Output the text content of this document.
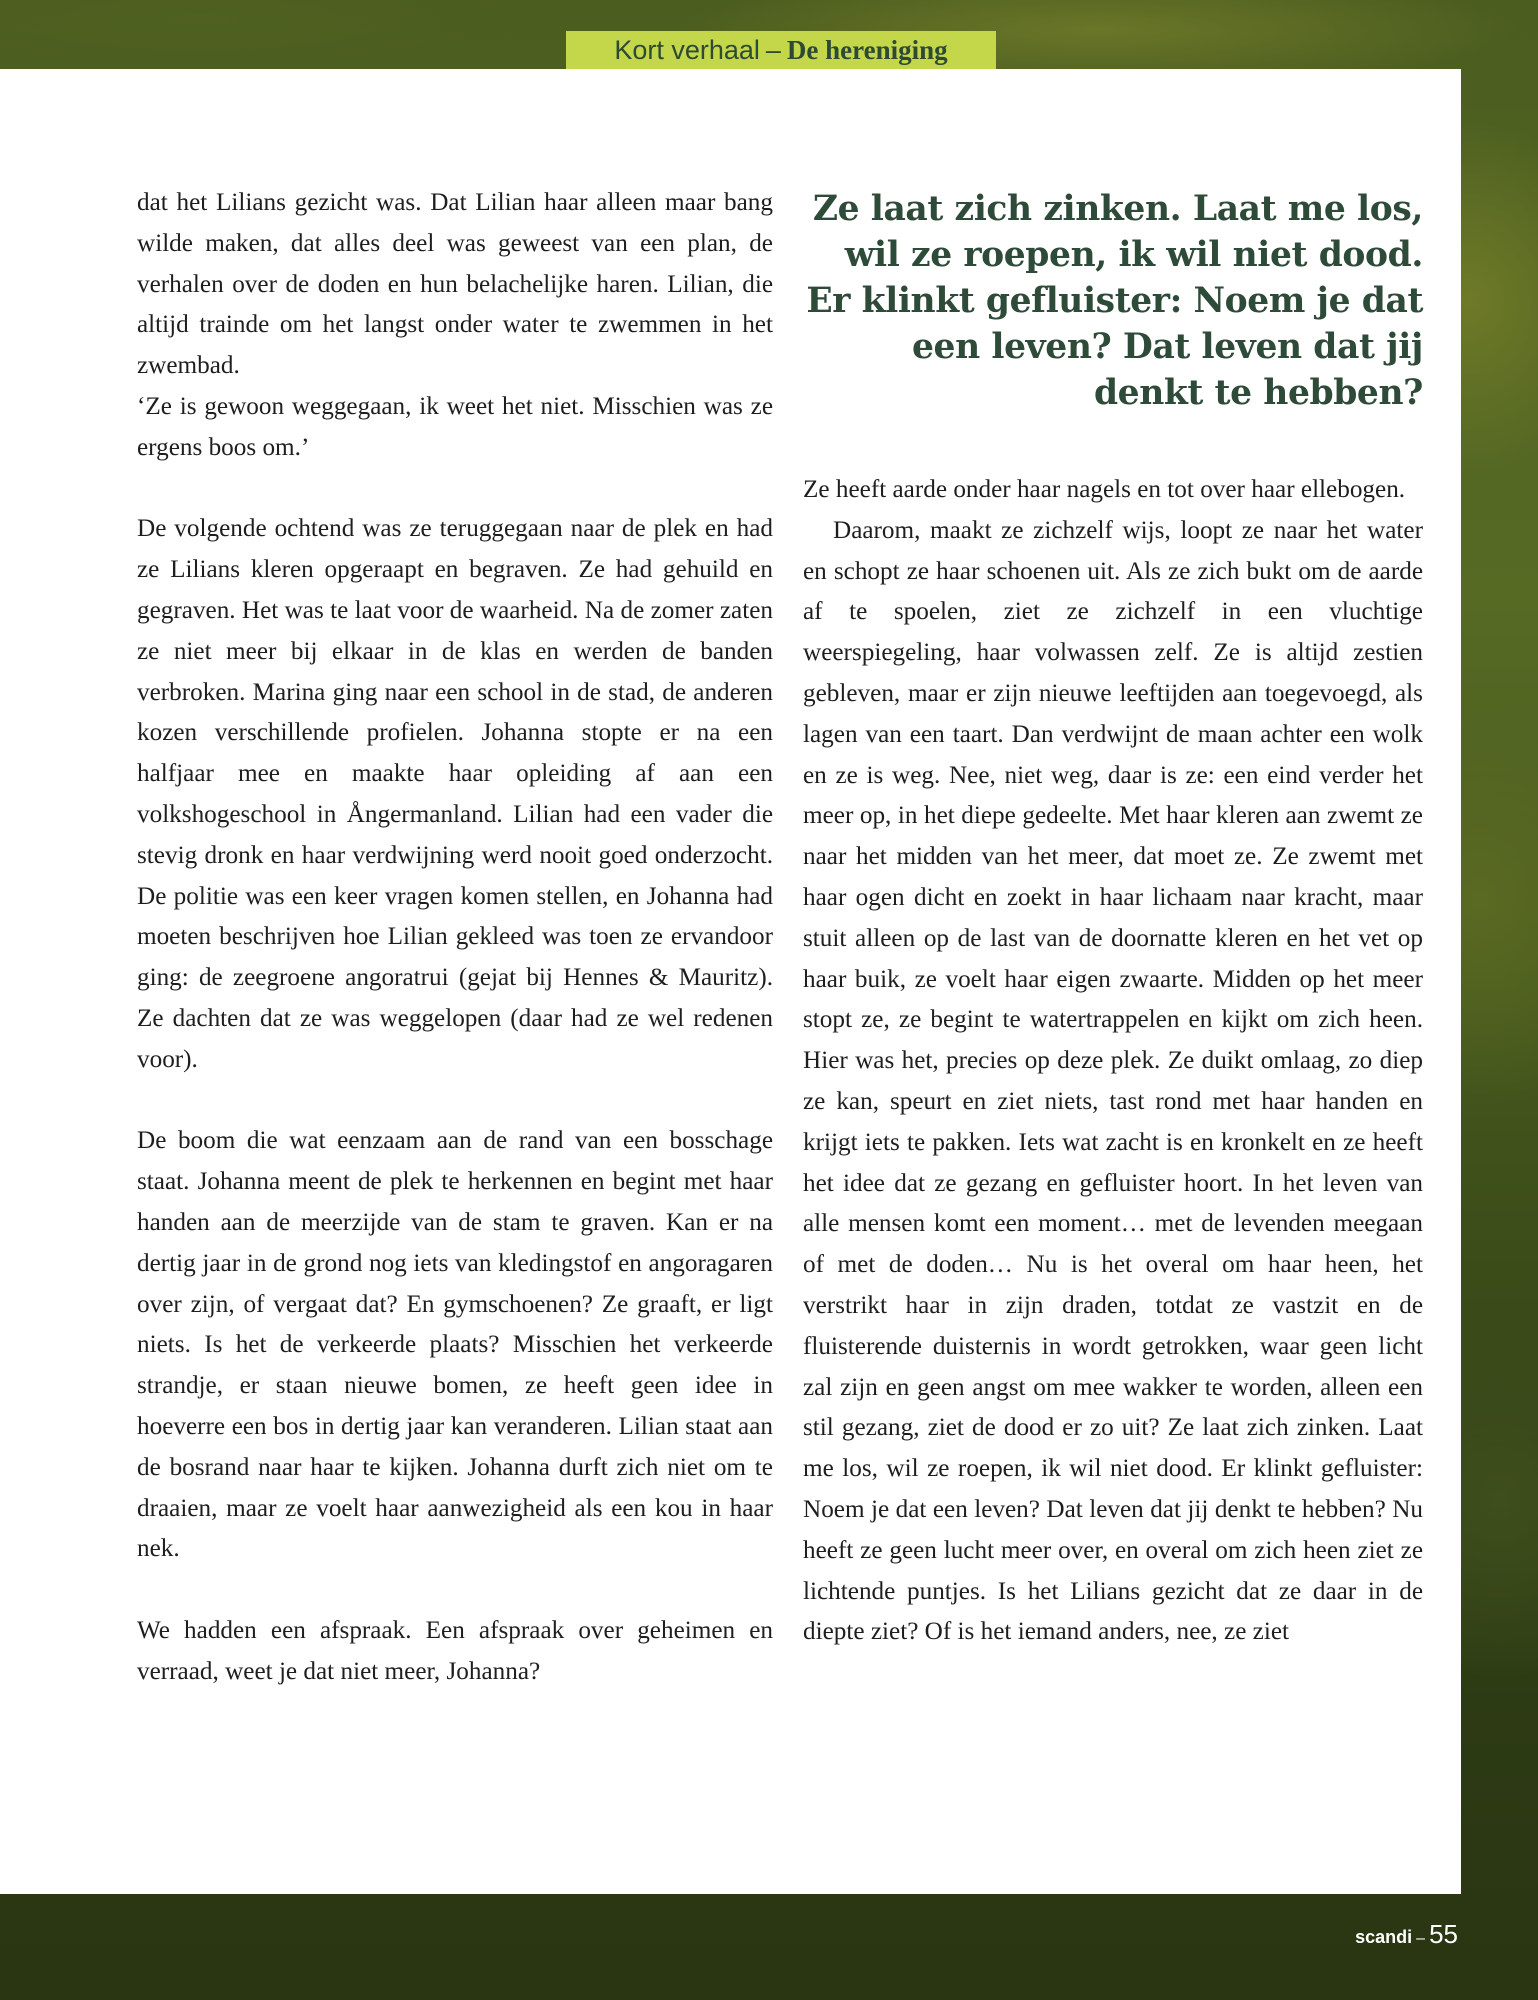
Kort verhaal – De hereniging

dat het Lilians gezicht was. Dat Lilian haar alleen maar bang wilde maken, dat alles deel was geweest van een plan, de verhalen over de doden en hun belachelijke haren. Lilian, die altijd trainde om het langst onder water te zwemmen in het zwembad.

‘Ze is gewoon weggegaan, ik weet het niet. Misschien was ze ergens boos om.’

De volgende ochtend was ze teruggegaan naar de plek en had ze Lilians kleren opgeraapt en begraven. Ze had gehuild en gegraven. Het was te laat voor de waarheid. Na de zomer zaten ze niet meer bij elkaar in de klas en werden de banden verbroken. Marina ging naar een school in de stad, de anderen kozen verschillende profielen. Johanna stopte er na een halfjaar mee en maakte haar opleiding af aan een volkshogeschool in Ångermanland. Lilian had een vader die stevig dronk en haar verdwijning werd nooit goed onderzocht. De politie was een keer vragen komen stellen, en Johanna had moeten beschrijven hoe Lilian gekleed was toen ze ervandoor ging: de zeegroene angoratrui (gejat bij Hennes & Mauritz). Ze dachten dat ze was weggelopen (daar had ze wel redenen voor).

De boom die wat eenzaam aan de rand van een bosschage staat. Johanna meent de plek te herkennen en begint met haar handen aan de meerzijde van de stam te graven. Kan er na dertig jaar in de grond nog iets van kledingstof en angoragaren over zijn, of vergaat dat? En gymschoenen? Ze graaft, er ligt niets. Is het de verkeerde plaats? Misschien het verkeerde strandje, er staan nieuwe bomen, ze heeft geen idee in hoeverre een bos in dertig jaar kan veranderen. Lilian staat aan de bosrand naar haar te kijken. Johanna durft zich niet om te draaien, maar ze voelt haar aanwezigheid als een kou in haar nek.

We hadden een afspraak. Een afspraak over geheimen en verraad, weet je dat niet meer, Johanna?

Ze laat zich zinken. Laat me los, wil ze roepen, ik wil niet dood. Er klinkt gefluister: Noem je dat een leven? Dat leven dat jij denkt te hebben?

Ze heeft aarde onder haar nagels en tot over haar ellebogen.

Daarom, maakt ze zichzelf wijs, loopt ze naar het water en schopt ze haar schoenen uit. Als ze zich bukt om de aarde af te spoelen, ziet ze zichzelf in een vluchtige weerspiegeling, haar volwassen zelf. Ze is altijd zestien gebleven, maar er zijn nieuwe leeftijden aan toegevoegd, als lagen van een taart. Dan verdwijnt de maan achter een wolk en ze is weg. Nee, niet weg, daar is ze: een eind verder het meer op, in het diepe gedeelte. Met haar kleren aan zwemt ze naar het midden van het meer, dat moet ze. Ze zwemt met haar ogen dicht en zoekt in haar lichaam naar kracht, maar stuit alleen op de last van de doornatte kleren en het vet op haar buik, ze voelt haar eigen zwaarte. Midden op het meer stopt ze, ze begint te watertrappelen en kijkt om zich heen. Hier was het, precies op deze plek. Ze duikt omlaag, zo diep ze kan, speurt en ziet niets, tast rond met haar handen en krijgt iets te pakken. Iets wat zacht is en kronkelt en ze heeft het idee dat ze gezang en gefluister hoort. In het leven van alle mensen komt een moment… met de levenden meegaan of met de doden… Nu is het overal om haar heen, het verstrikt haar in zijn draden, totdat ze vastzit en de fluisterende duisternis in wordt getrokken, waar geen licht zal zijn en geen angst om mee wakker te worden, alleen een stil gezang, ziet de dood er zo uit? Ze laat zich zinken. Laat me los, wil ze roepen, ik wil niet dood. Er klinkt gefluister: Noem je dat een leven? Dat leven dat jij denkt te hebben? Nu heeft ze geen lucht meer over, en overal om zich heen ziet ze lichtende puntjes. Is het Lilians gezicht dat ze daar in de diepte ziet? Of is het iemand anders, nee, ze ziet

scandi – 55
